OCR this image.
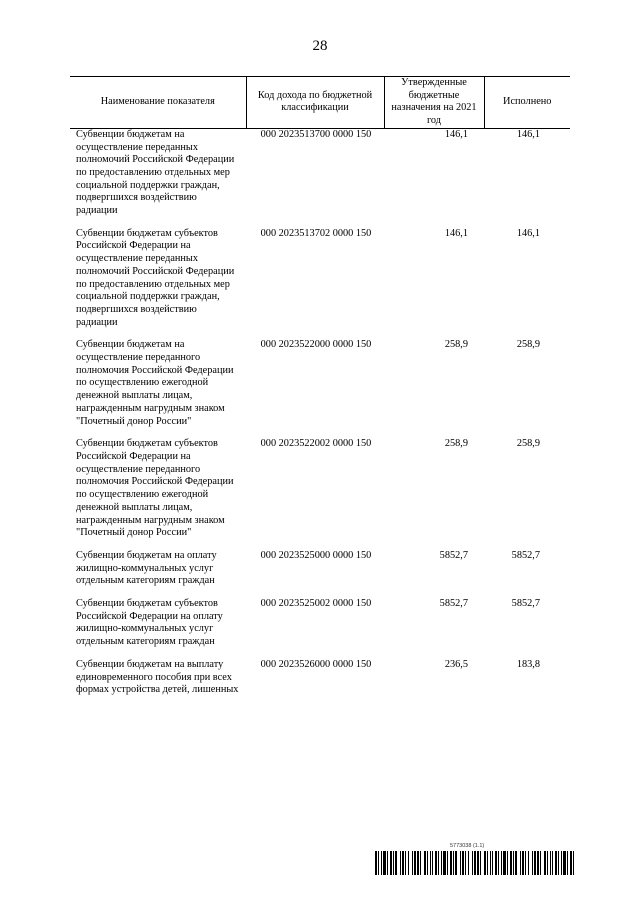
28
Наименование показателя	Код дохода по бюджетной классификации	Утвержденные бюджетные назначения на 2021 год	Исполнено
Субвенции бюджетам на осуществление переданных полномочий Российской Федерации по предоставлению отдельных мер социальной поддержки граждан, подвергшихся воздействию радиации	000 2023513700 0000 150	146,1	146,1
Субвенции бюджетам субъектов Российской Федерации на осуществление переданных полномочий Российской Федерации по предоставлению отдельных мер социальной поддержки граждан, подвергшихся воздействию радиации	000 2023513702 0000 150	146,1	146,1
Субвенции бюджетам на осуществление переданного полномочия Российской Федерации по осуществлению ежегодной денежной выплаты лицам, награжденным нагрудным знаком "Почетный донор России"	000 2023522000 0000 150	258,9	258,9
Субвенции бюджетам субъектов Российской Федерации на осуществление переданного полномочия Российской Федерации по осуществлению ежегодной денежной выплаты лицам, награжденным нагрудным знаком "Почетный донор России"	000 2023522002 0000 150	258,9	258,9
Субвенции бюджетам на оплату жилищно-коммунальных услуг отдельным категориям граждан	000 2023525000 0000 150	5852,7	5852,7
Субвенции бюджетам субъектов Российской Федерации на оплату жилищно-коммунальных услуг отдельным категориям граждан	000 2023525002 0000 150	5852,7	5852,7
Субвенции бюджетам на выплату единовременного пособия при всех формах устройства детей, лишенных	000 2023526000 0000 150	236,5	183,8
5773038 (1.1)
